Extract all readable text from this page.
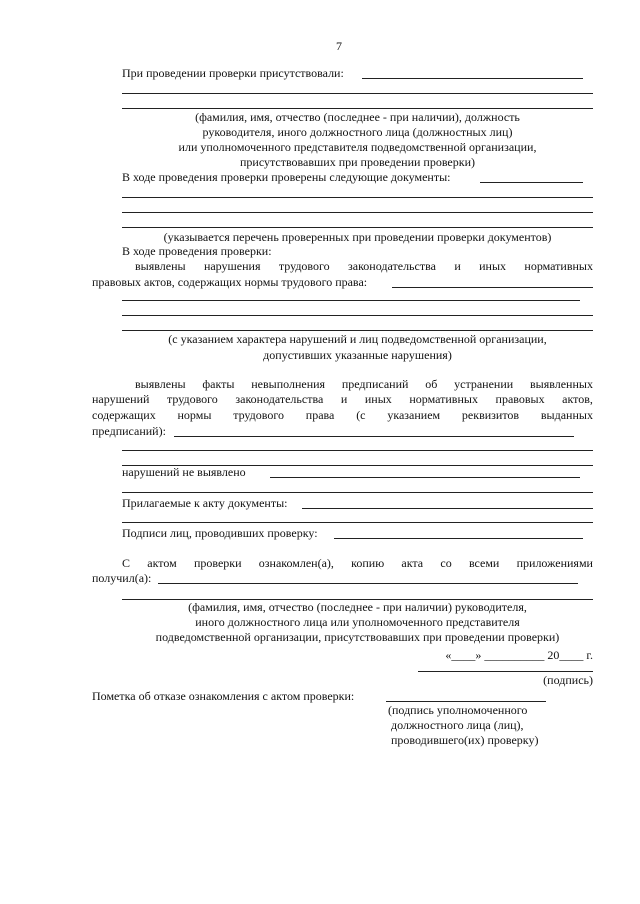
7
При проведении проверки присутствовали:
(фамилия, имя, отчество (последнее - при наличии), должность
руководителя, иного должностного лица (должностных лиц)
или уполномоченного представителя подведомственной организации,
присутствовавших при проведении проверки)
В ходе проведения проверки проверены следующие документы:
(указывается перечень проверенных при проведении проверки документов)
В ходе проведения проверки:
выявлены нарушения трудового законодательства и иных нормативных
правовых актов, содержащих нормы трудового права:
(с указанием характера нарушений и лиц подведомственной организации,
допустивших указанные нарушения)
выявлены факты невыполнения предписаний об устранении выявленных
нарушений трудового законодательства и иных нормативных правовых актов,
содержащих нормы трудового права (с указанием реквизитов выданных
предписаний):
нарушений не выявлено
Прилагаемые к акту документы:
Подписи лиц, проводивших проверку:
С актом проверки ознакомлен(а), копию акта со всеми приложениями
получил(а):
(фамилия, имя, отчество (последнее - при наличии) руководителя,
иного должностного лица или уполномоченного представителя
подведомственной организации, присутствовавших при проведении проверки)
«____» __________ 20____ г.
(подпись)
Пометка об отказе ознакомления с актом проверки:
(подпись уполномоченного
должностного лица (лиц),
проводившего(их) проверку)
